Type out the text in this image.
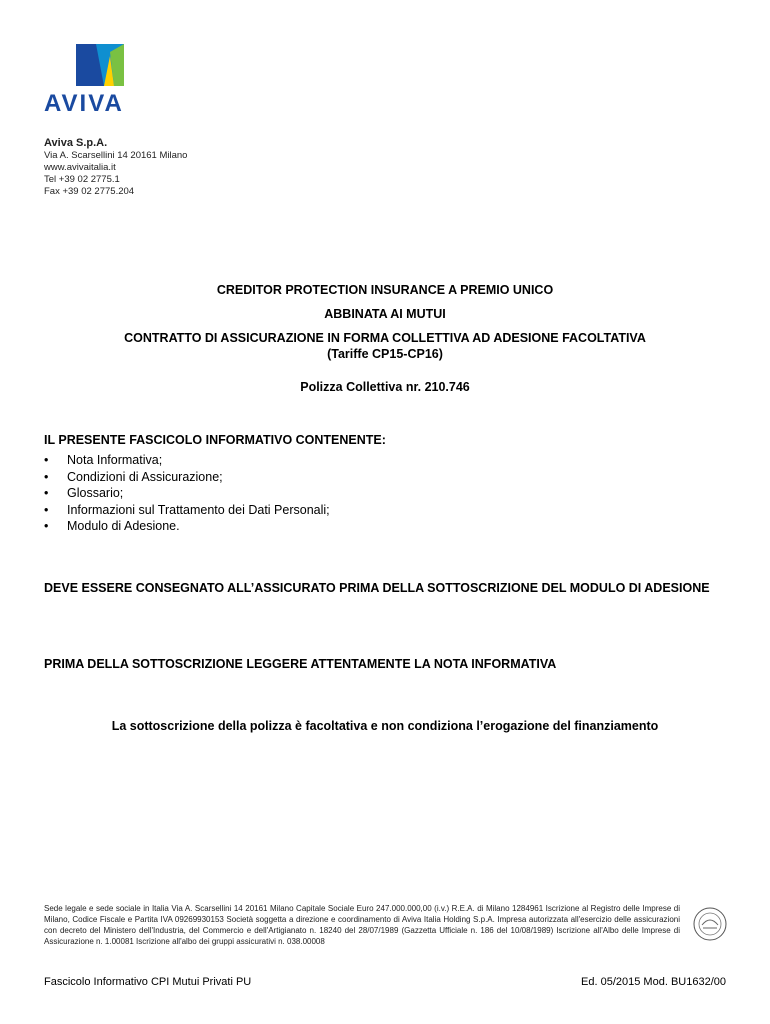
AVIVA
Aviva S.p.A.
Via A. Scarsellini 14 20161 Milano
www.avivaitalia.it
Tel +39 02 2775.1
Fax +39 02 2775.204
CREDITOR PROTECTION INSURANCE A PREMIO UNICO
ABBINATA AI MUTUI
CONTRATTO DI ASSICURAZIONE IN FORMA COLLETTIVA AD ADESIONE FACOLTATIVA
(Tariffe CP15-CP16)
Polizza Collettiva nr. 210.746
IL PRESENTE FASCICOLO INFORMATIVO CONTENENTE:
•	Nota Informativa;
•	Condizioni di Assicurazione;
•	Glossario;
•	Informazioni sul Trattamento dei Dati Personali;
•	Modulo di Adesione.
DEVE ESSERE CONSEGNATO ALL’ASSICURATO PRIMA DELLA SOTTOSCRIZIONE DEL MODULO DI ADESIONE
PRIMA DELLA SOTTOSCRIZIONE LEGGERE ATTENTAMENTE LA NOTA INFORMATIVA
La sottoscrizione della polizza è facoltativa e non condiziona l’erogazione del finanziamento
Sede legale e sede sociale in Italia Via A. Scarsellini 14 20161 Milano Capitale Sociale Euro 247.000.000,00 (i.v.) R.E.A. di Milano 1284961 Iscrizione al Registro delle Imprese di Milano, Codice Fiscale e Partita IVA 09269930153 Società soggetta a direzione e coordinamento di Aviva Italia Holding S.p.A. Impresa autorizzata all'esercizio delle assicurazioni con decreto del Ministero dell'Industria, del Commercio e dell'Artigianato n. 18240 del 28/07/1989 (Gazzetta Ufficiale n. 186 del 10/08/1989) Iscrizione all'Albo delle Imprese di Assicurazione n. 1.00081 Iscrizione all'albo dei gruppi assicurativi n. 038.00008
Fascicolo Informativo CPI Mutui Privati PU	Ed. 05/2015 Mod. BU1632/00
